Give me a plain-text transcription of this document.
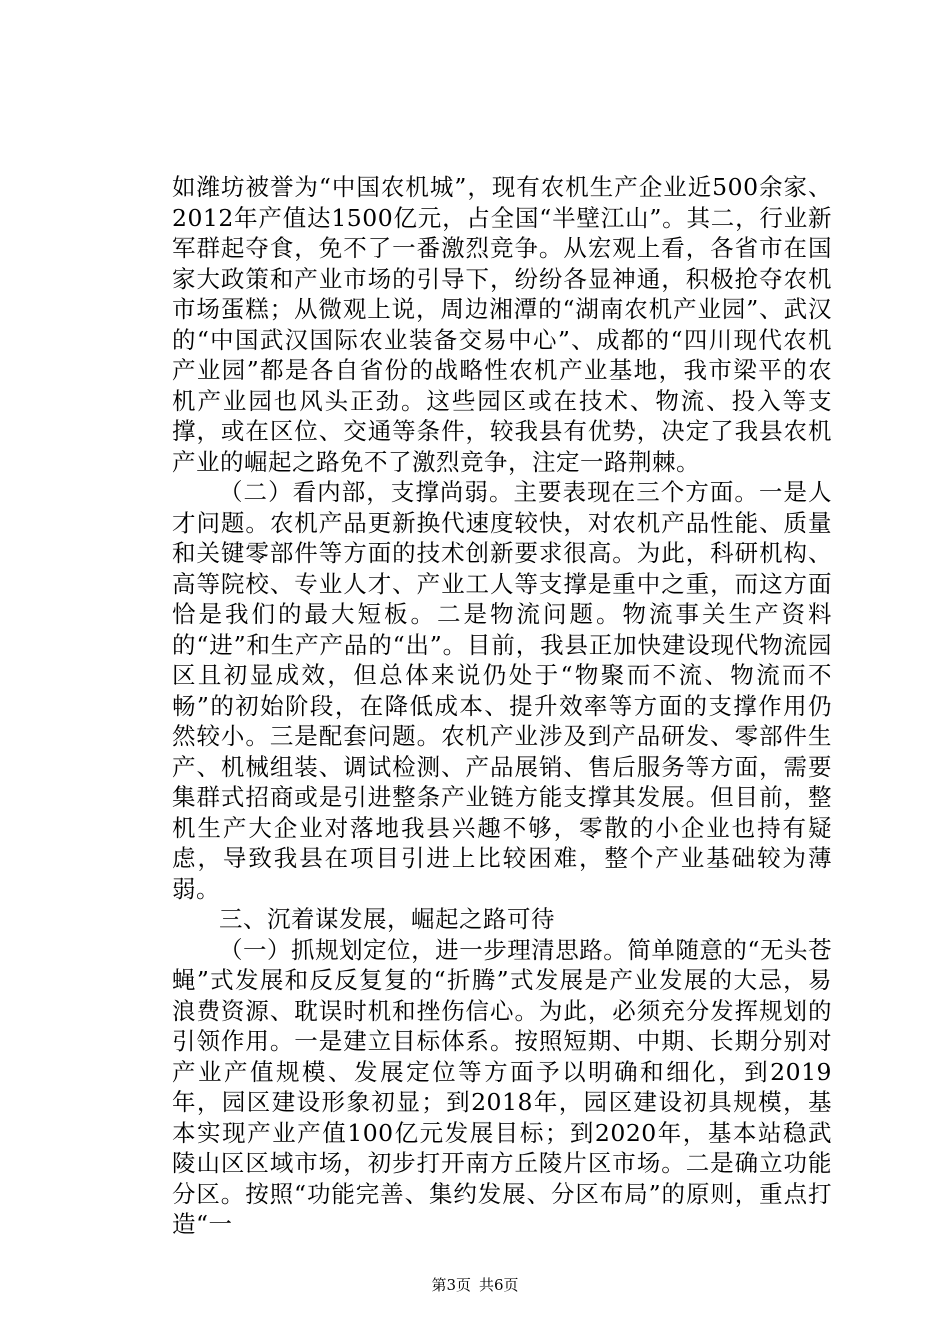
如潍坊被誉为“中国农机城”，现有农机生产企业近500余家、2012年产值达1500亿元，占全国“半壁江山”。其二，行业新军群起夺食，免不了一番激烈竞争。从宏观上看，各省市在国家大政策和产业市场的引导下，纷纷各显神通，积极抢夺农机市场蛋糕；从微观上说，周边湘潭的“湖南农机产业园”、武汉的“中国武汉国际农业装备交易中心”、成都的“四川现代农机产业园”都是各自省份的战略性农机产业基地，我市梁平的农机产业园也风头正劲。这些园区或在技术、物流、投入等支撑，或在区位、交通等条件，较我县有优势，决定了我县农机产业的崛起之路免不了激烈竞争，注定一路荆棘。

（二）看内部，支撑尚弱。主要表现在三个方面。一是人才问题。农机产品更新换代速度较快，对农机产品性能、质量和关键零部件等方面的技术创新要求很高。为此，科研机构、高等院校、专业人才、产业工人等支撑是重中之重，而这方面恰是我们的最大短板。二是物流问题。物流事关生产资料的“进”和生产产品的“出”。目前，我县正加快建设现代物流园区且初显成效，但总体来说仍处于“物聚而不流、物流而不畅”的初始阶段，在降低成本、提升效率等方面的支撑作用仍然较小。三是配套问题。农机产业涉及到产品研发、零部件生产、机械组装、调试检测、产品展销、售后服务等方面，需要集群式招商或是引进整条产业链方能支撑其发展。但目前，整机生产大企业对落地我县兴趣不够，零散的小企业也持有疑虑，导致我县在项目引进上比较困难，整个产业基础较为薄弱。

三、沉着谋发展，崛起之路可待

（一）抓规划定位，进一步理清思路。简单随意的“无头苍蝇”式发展和反反复复的“折腾”式发展是产业发展的大忌，易浪费资源、耽误时机和挫伤信心。为此，必须充分发挥规划的引领作用。一是建立目标体系。按照短期、中期、长期分别对产业产值规模、发展定位等方面予以明确和细化，到2019年，园区建设形象初显；到2018年，园区建设初具规模，基本实现产业产值100亿元发展目标；到2020年，基本站稳武陵山区区域市场，初步打开南方丘陵片区市场。二是确立功能分区。按照“功能完善、集约发展、分区布局”的原则，重点打造“一

第3页 共6页
